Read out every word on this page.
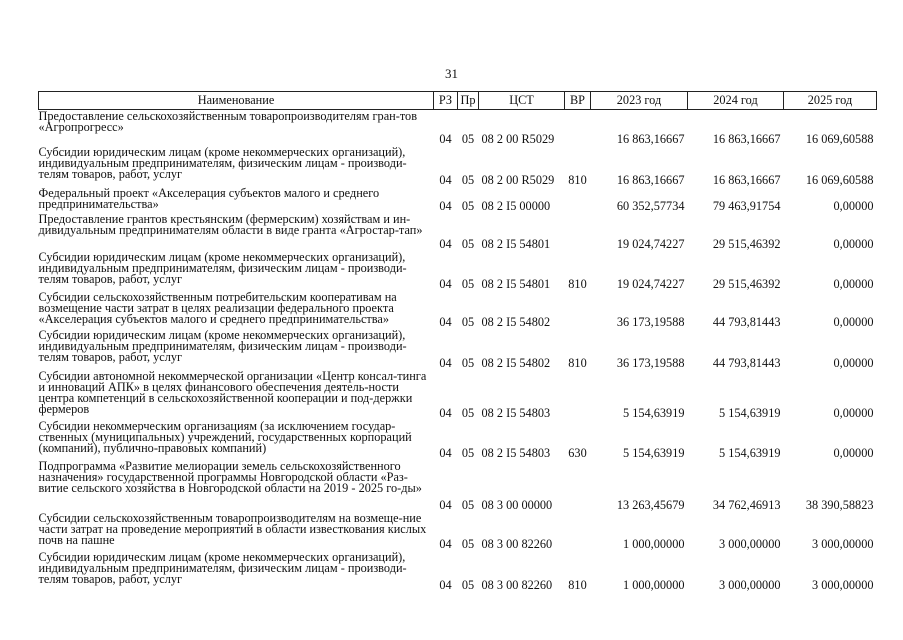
31
Наименование	РЗ	Пр	ЦСТ	ВР	2023 год	2024 год	2025 год
Предоставление сельскохозяйственным товаропроизводителям гран-тов «Агропрогресс»	04	05	08 2 00 R5029		16 863,16667	16 863,16667	16 069,60588
Субсидии юридическим лицам (кроме некоммерческих организаций), индивидуальным предпринимателям, физическим лицам - производи-телям товаров, работ, услуг	04	05	08 2 00 R5029	810	16 863,16667	16 863,16667	16 069,60588
Федеральный проект «Акселерация субъектов малого и среднего предпринимательства»	04	05	08 2 I5 00000		60 352,57734	79 463,91754	0,00000
Предоставление грантов крестьянским (фермерским) хозяйствам и ин-дивидуальным предпринимателям области в виде гранта «Агростар-тап»	04	05	08 2 I5 54801		19 024,74227	29 515,46392	0,00000
Субсидии юридическим лицам (кроме некоммерческих организаций), индивидуальным предпринимателям, физическим лицам - производи-телям товаров, работ, услуг	04	05	08 2 I5 54801	810	19 024,74227	29 515,46392	0,00000
Субсидии сельскохозяйственным потребительским кооперативам на возмещение части затрат в целях реализации федерального проекта «Акселерация субъектов малого и среднего предпринимательства»	04	05	08 2 I5 54802		36 173,19588	44 793,81443	0,00000
Субсидии юридическим лицам (кроме некоммерческих организаций), индивидуальным предпринимателям, физическим лицам - производи-телям товаров, работ, услуг	04	05	08 2 I5 54802	810	36 173,19588	44 793,81443	0,00000
Субсидии автономной некоммерческой организации «Центр консал-тинга и инноваций АПК» в целях финансового обеспечения деятель-ности центра компетенций в сельскохозяйственной кооперации и под-держки фермеров	04	05	08 2 I5 54803		5 154,63919	5 154,63919	0,00000
Субсидии некоммерческим организациям (за исключением государ-ственных (муниципальных) учреждений, государственных корпораций (компаний), публично-правовых компаний)	04	05	08 2 I5 54803	630	5 154,63919	5 154,63919	0,00000
Подпрограмма «Развитие мелиорации земель сельскохозяйственного назначения» государственной программы Новгородской области «Раз-витие сельского хозяйства в Новгородской области на 2019 - 2025 го-ды»	04	05	08 3 00 00000		13 263,45679	34 762,46913	38 390,58823
Субсидии сельскохозяйственным товаропроизводителям на возмеще-ние части затрат на проведение мероприятий в области известкования кислых почв на пашне	04	05	08 3 00 82260		1 000,00000	3 000,00000	3 000,00000
Субсидии юридическим лицам (кроме некоммерческих организаций), индивидуальным предпринимателям, физическим лицам - производи-телям товаров, работ, услуг	04	05	08 3 00 82260	810	1 000,00000	3 000,00000	3 000,00000
